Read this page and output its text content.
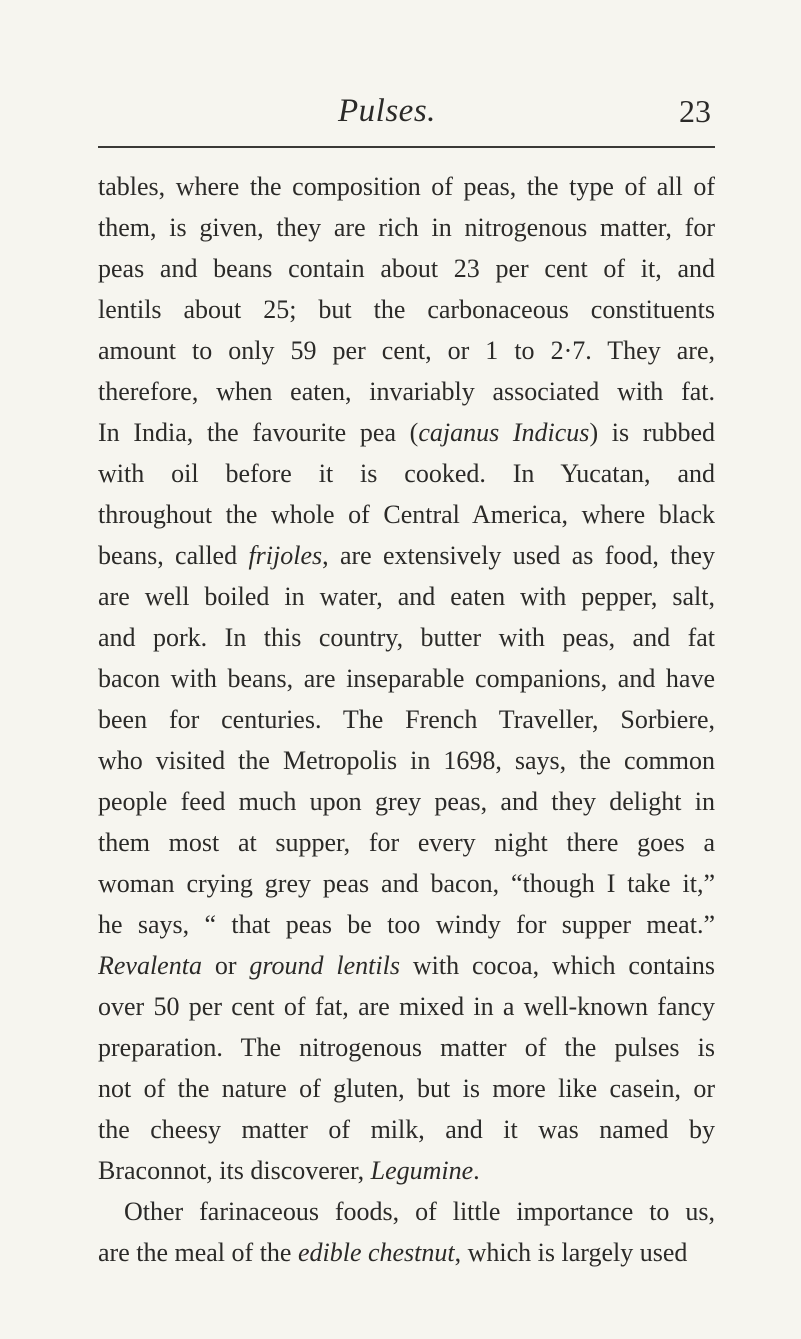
Pulses.	23
tables, where the composition of peas, the type of all of
them, is given, they are rich in nitrogenous matter, for
peas and beans contain about 23 per cent of it, and
lentils about 25; but the carbonaceous constituents
amount to only 59 per cent, or 1 to 2·7. They are,
therefore, when eaten, invariably associated with fat.
In India, the favourite pea (cajanus Indicus) is rubbed
with oil before it is cooked. In Yucatan, and
throughout the whole of Central America, where black
beans, called frijoles, are extensively used as food, they
are well boiled in water, and eaten with pepper, salt,
and pork. In this country, butter with peas, and fat
bacon with beans, are inseparable companions, and have
been for centuries. The French Traveller, Sorbiere,
who visited the Metropolis in 1698, says, the common
people feed much upon grey peas, and they delight in
them most at supper, for every night there goes a
woman crying grey peas and bacon, “though I take it,”
he says, “ that peas be too windy for supper meat.”
Revalenta or ground lentils with cocoa, which contains
over 50 per cent of fat, are mixed in a well-known fancy
preparation. The nitrogenous matter of the pulses is
not of the nature of gluten, but is more like casein, or
the cheesy matter of milk, and it was named by
Braconnot, its discoverer, Legumine.
Other farinaceous foods, of little importance to us,
are the meal of the edible chestnut, which is largely used
